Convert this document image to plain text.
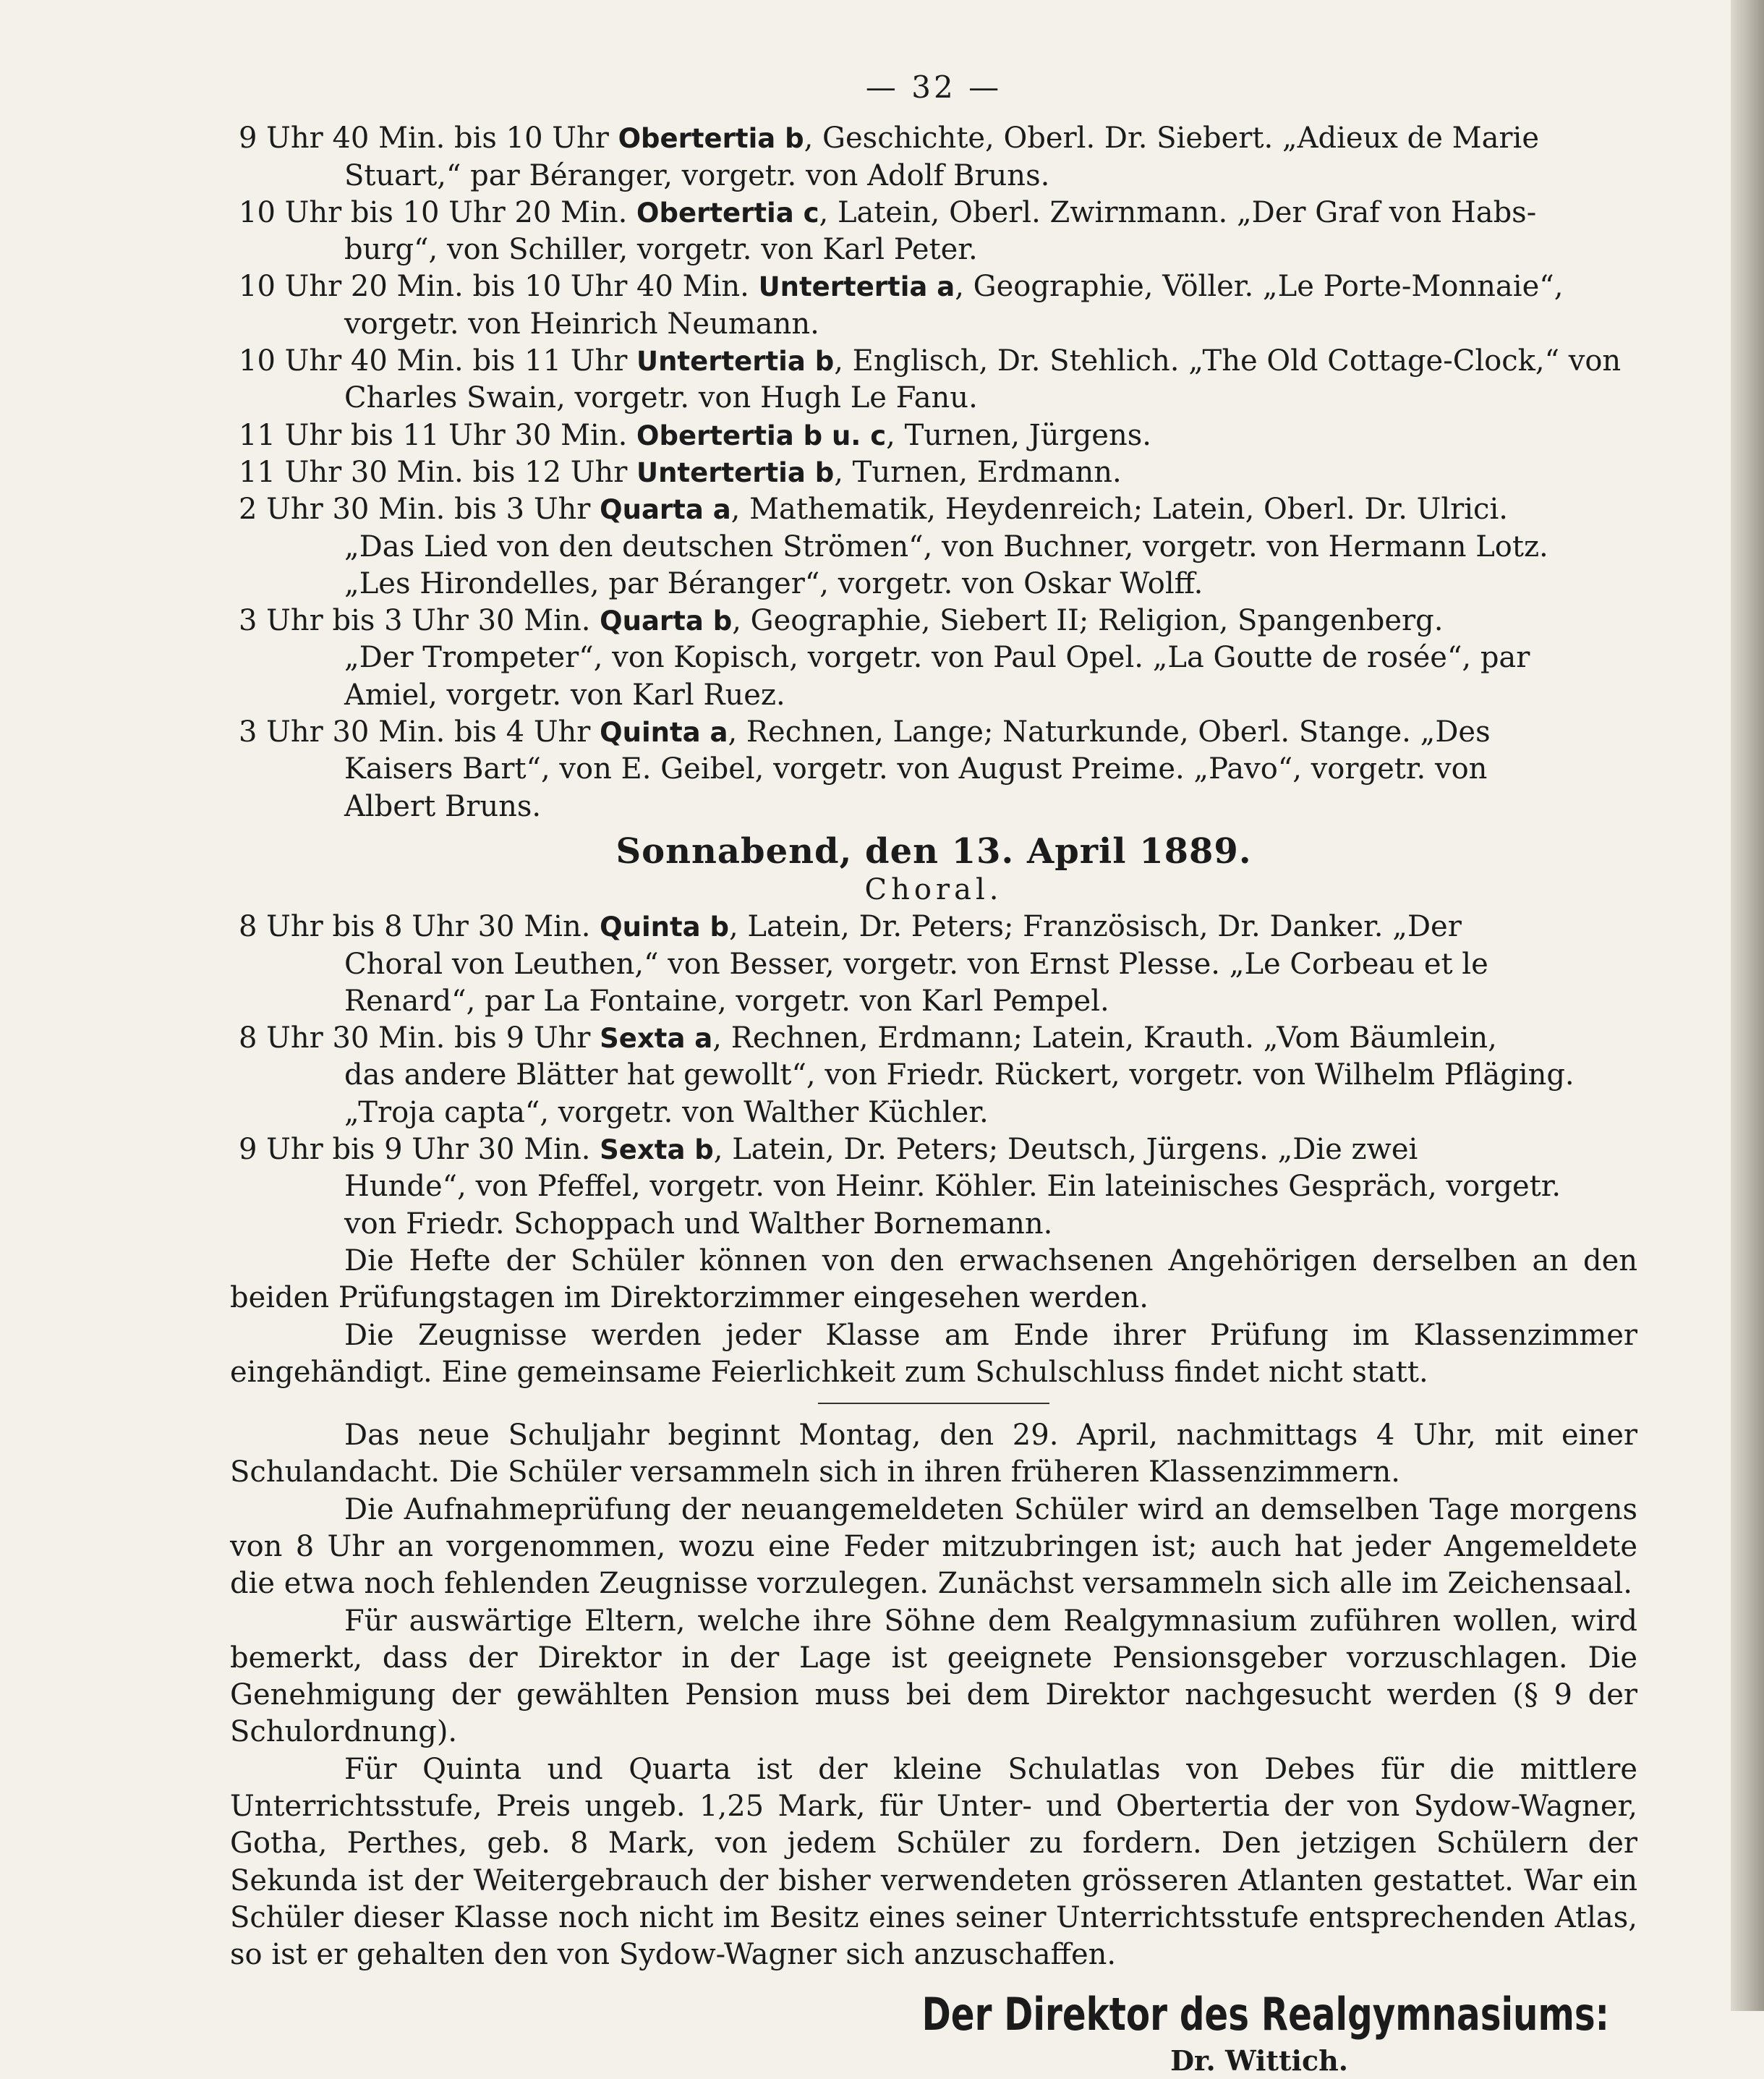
— 32 —
9 Uhr 40 Min. bis 10 Uhr Obertertia b, Geschichte, Oberl. Dr. Siebert. „Adieux de Marie
Stuart,“ par Béranger, vorgetr. von Adolf Bruns.
10 Uhr bis 10 Uhr 20 Min. Obertertia c, Latein, Oberl. Zwirnmann. „Der Graf von Habs-
burg“, von Schiller, vorgetr. von Karl Peter.
10 Uhr 20 Min. bis 10 Uhr 40 Min. Untertertia a, Geographie, Völler. „Le Porte-Monnaie“,
vorgetr. von Heinrich Neumann.
10 Uhr 40 Min. bis 11 Uhr Untertertia b, Englisch, Dr. Stehlich. „The Old Cottage-Clock,“ von
Charles Swain, vorgetr. von Hugh Le Fanu.
11 Uhr bis 11 Uhr 30 Min. Obertertia b u. c, Turnen, Jürgens.
11 Uhr 30 Min. bis 12 Uhr Untertertia b, Turnen, Erdmann.
2 Uhr 30 Min. bis 3 Uhr Quarta a, Mathematik, Heydenreich; Latein, Oberl. Dr. Ulrici.
„Das Lied von den deutschen Strömen“, von Buchner, vorgetr. von Hermann Lotz.
„Les Hirondelles, par Béranger“, vorgetr. von Oskar Wolff.
3 Uhr bis 3 Uhr 30 Min. Quarta b, Geographie, Siebert II; Religion, Spangenberg.
„Der Trompeter“, von Kopisch, vorgetr. von Paul Opel. „La Goutte de rosée“, par
Amiel, vorgetr. von Karl Ruez.
3 Uhr 30 Min. bis 4 Uhr Quinta a, Rechnen, Lange; Naturkunde, Oberl. Stange. „Des
Kaisers Bart“, von E. Geibel, vorgetr. von August Preime. „Pavo“, vorgetr. von
Albert Bruns.
Sonnabend, den 13. April 1889.
Choral.
8 Uhr bis 8 Uhr 30 Min. Quinta b, Latein, Dr. Peters; Französisch, Dr. Danker. „Der
Choral von Leuthen,“ von Besser, vorgetr. von Ernst Plesse. „Le Corbeau et le
Renard“, par La Fontaine, vorgetr. von Karl Pempel.
8 Uhr 30 Min. bis 9 Uhr Sexta a, Rechnen, Erdmann; Latein, Krauth. „Vom Bäumlein,
das andere Blätter hat gewollt“, von Friedr. Rückert, vorgetr. von Wilhelm Pfläging.
„Troja capta“, vorgetr. von Walther Küchler.
9 Uhr bis 9 Uhr 30 Min. Sexta b, Latein, Dr. Peters; Deutsch, Jürgens. „Die zwei
Hunde“, von Pfeffel, vorgetr. von Heinr. Köhler. Ein lateinisches Gespräch, vorgetr.
von Friedr. Schoppach und Walther Bornemann.

Die Hefte der Schüler können von den erwachsenen Angehörigen derselben an den beiden Prüfungstagen im Direktorzimmer eingesehen werden.

Die Zeugnisse werden jeder Klasse am Ende ihrer Prüfung im Klassenzimmer eingehändigt. Eine gemeinsame Feierlichkeit zum Schulschluss findet nicht statt.

Das neue Schuljahr beginnt Montag, den 29. April, nachmittags 4 Uhr, mit einer Schulandacht. Die Schüler versammeln sich in ihren früheren Klassenzimmern.

Die Aufnahmeprüfung der neuangemeldeten Schüler wird an demselben Tage morgens von 8 Uhr an vorgenommen, wozu eine Feder mitzubringen ist; auch hat jeder Angemeldete die etwa noch fehlenden Zeugnisse vorzulegen. Zunächst versammeln sich alle im Zeichensaal.

Für auswärtige Eltern, welche ihre Söhne dem Realgymnasium zuführen wollen, wird bemerkt, dass der Direktor in der Lage ist geeignete Pensionsgeber vorzuschlagen. Die Genehmigung der gewählten Pension muss bei dem Direktor nachgesucht werden (§ 9 der Schulordnung).

Für Quinta und Quarta ist der kleine Schulatlas von Debes für die mittlere Unterrichtsstufe, Preis ungeb. 1,25 Mark, für Unter- und Obertertia der von Sydow-Wagner, Gotha, Perthes, geb. 8 Mark, von jedem Schüler zu fordern. Den jetzigen Schülern der Sekunda ist der Weitergebrauch der bisher verwendeten grösseren Atlanten gestattet. War ein Schüler dieser Klasse noch nicht im Besitz eines seiner Unterrichtsstufe entsprechenden Atlas, so ist er gehalten den von Sydow-Wagner sich anzuschaffen.

Der Direktor des Realgymnasiums:
Dr. Wittich.
